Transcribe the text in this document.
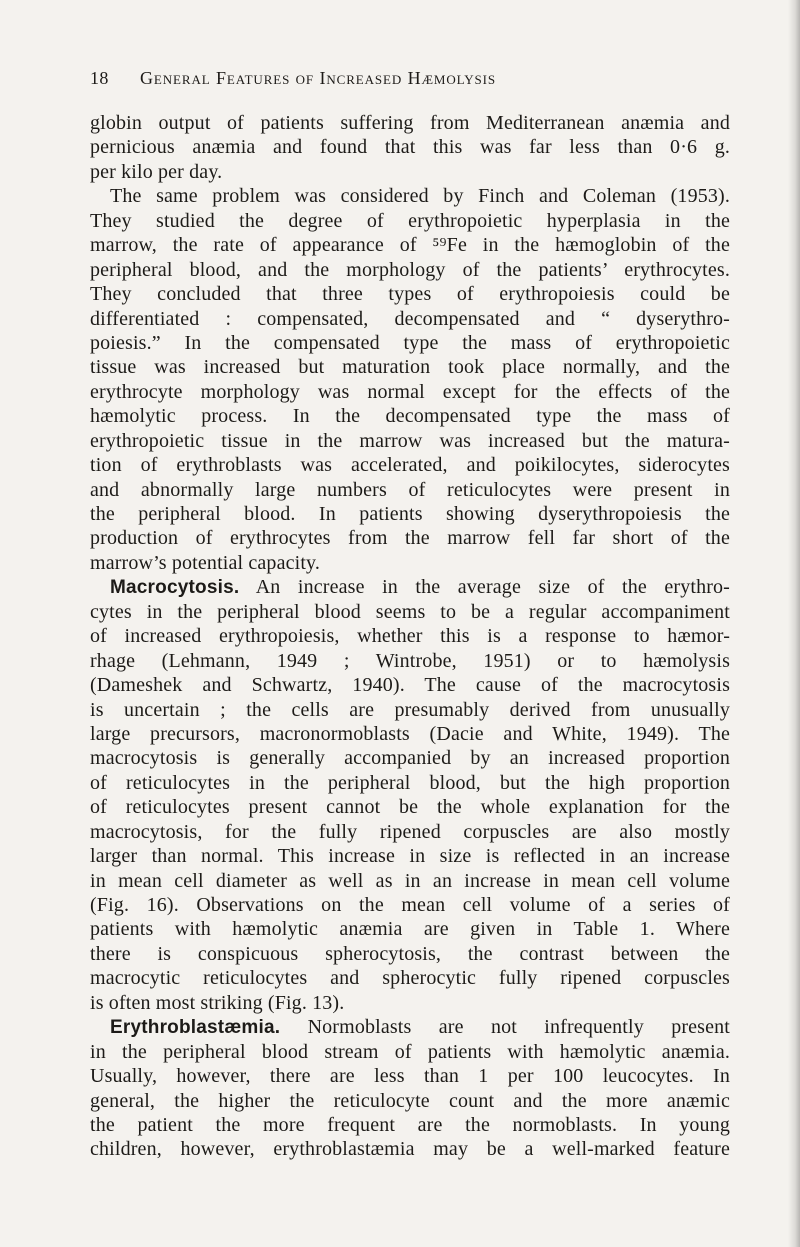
18 General Features of Increased Hæmolysis
globin output of patients suffering from Mediterranean anæmia and
pernicious anæmia and found that this was far less than 0·6 g.
per kilo per day.
The same problem was considered by Finch and Coleman (1953).
They studied the degree of erythropoietic hyperplasia in the
marrow, the rate of appearance of ⁵⁹Fe in the hæmoglobin of the
peripheral blood, and the morphology of the patients’ erythrocytes.
They concluded that three types of erythropoiesis could be
differentiated : compensated, decompensated and “ dyserythro-
poiesis.” In the compensated type the mass of erythropoietic
tissue was increased but maturation took place normally, and the
erythrocyte morphology was normal except for the effects of the
hæmolytic process. In the decompensated type the mass of
erythropoietic tissue in the marrow was increased but the matura-
tion of erythroblasts was accelerated, and poikilocytes, siderocytes
and abnormally large numbers of reticulocytes were present in
the peripheral blood. In patients showing dyserythropoiesis the
production of erythrocytes from the marrow fell far short of the
marrow’s potential capacity.
Macrocytosis. An increase in the average size of the erythro-
cytes in the peripheral blood seems to be a regular accompaniment
of increased erythropoiesis, whether this is a response to hæmor-
rhage (Lehmann, 1949 ; Wintrobe, 1951) or to hæmolysis
(Dameshek and Schwartz, 1940). The cause of the macrocytosis
is uncertain ; the cells are presumably derived from unusually
large precursors, macronormoblasts (Dacie and White, 1949). The
macrocytosis is generally accompanied by an increased proportion
of reticulocytes in the peripheral blood, but the high proportion
of reticulocytes present cannot be the whole explanation for the
macrocytosis, for the fully ripened corpuscles are also mostly
larger than normal. This increase in size is reflected in an increase
in mean cell diameter as well as in an increase in mean cell volume
(Fig. 16). Observations on the mean cell volume of a series of
patients with hæmolytic anæmia are given in Table 1. Where
there is conspicuous spherocytosis, the contrast between the
macrocytic reticulocytes and spherocytic fully ripened corpuscles
is often most striking (Fig. 13).
Erythroblastæmia. Normoblasts are not infrequently present
in the peripheral blood stream of patients with hæmolytic anæmia.
Usually, however, there are less than 1 per 100 leucocytes. In
general, the higher the reticulocyte count and the more anæmic
the patient the more frequent are the normoblasts. In young
children, however, erythroblastæmia may be a well-marked feature
